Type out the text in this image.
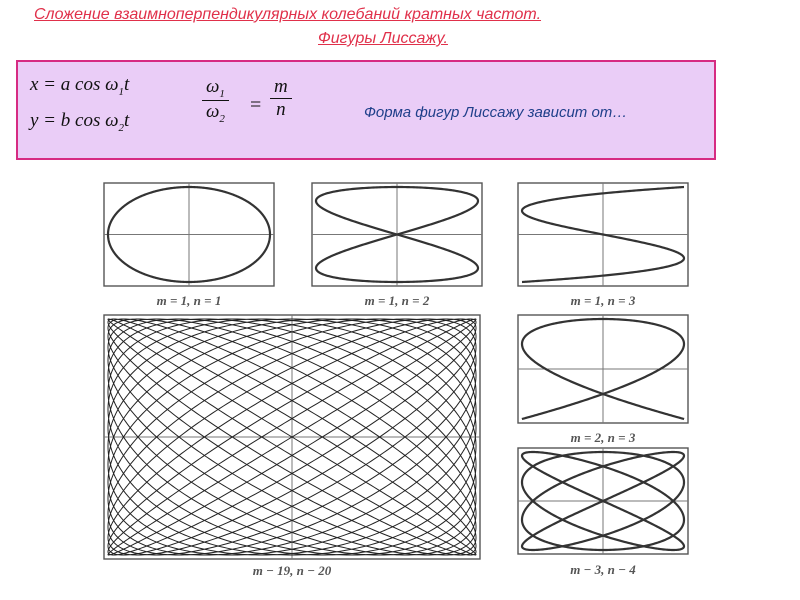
Сложение взаимноперпендикулярных колебаний кратных частот.
Фигуры Лиссажу.
x = a $\cos \omega_1t$
y = b $\cos \omega_2t$	$\frac{\omega_1}{\omega_2} = \frac{m}{n}$	Форма фигур Лиссажу зависит от…
m = 1, n = 1	m = 1, n = 2	m = 1, n = 3
m − 19, n − 20
m = 2, n = 3
m − 3, n − 4
